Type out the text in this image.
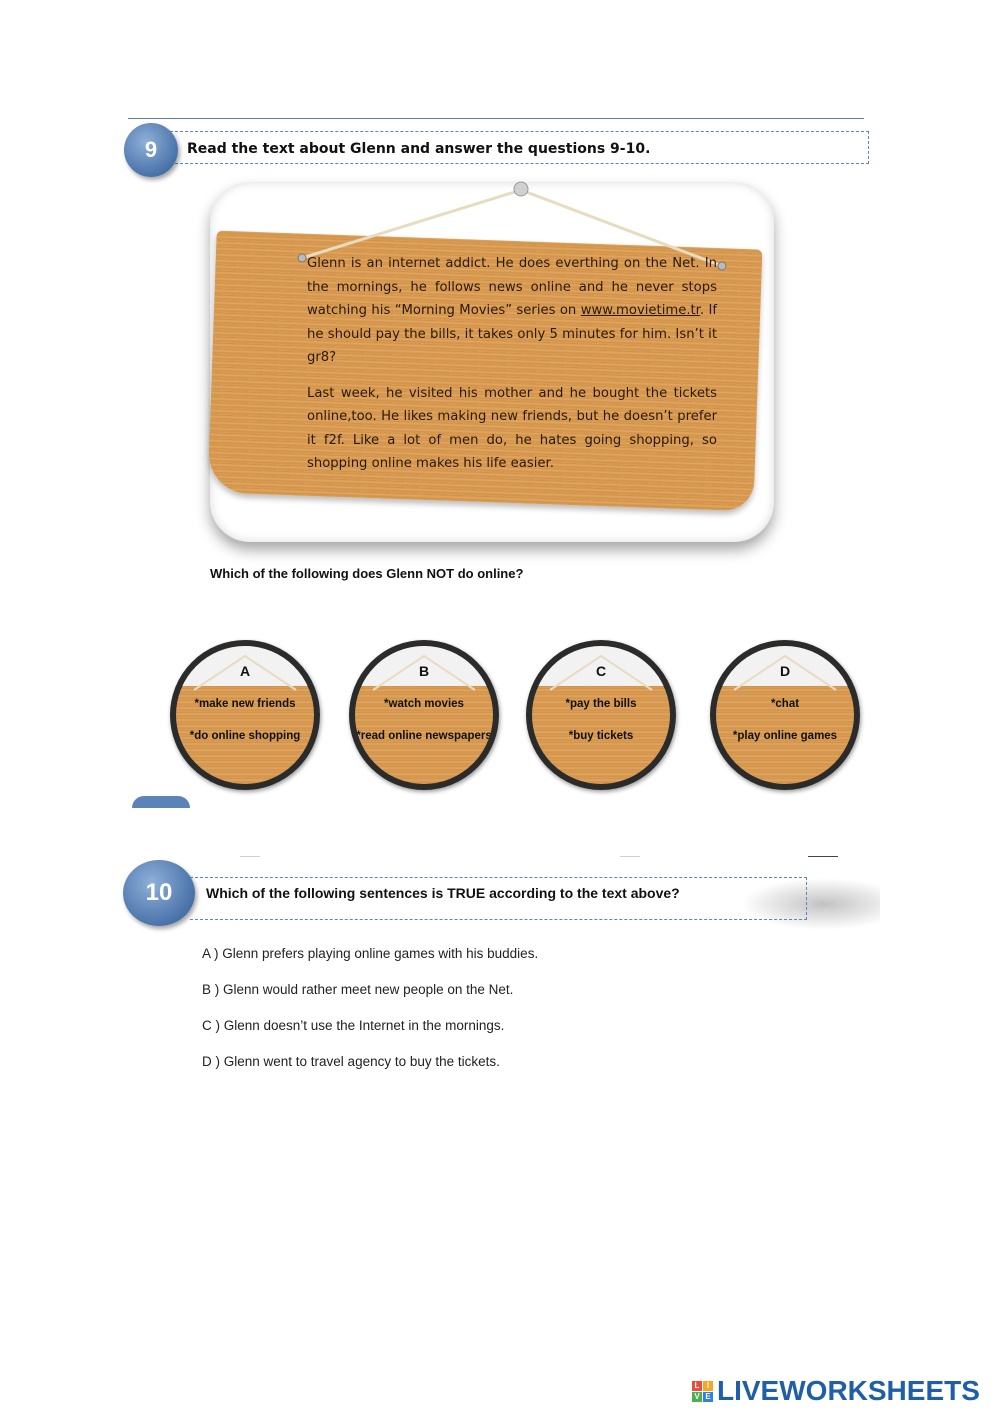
9	Read the text about Glenn and answer the questions 9-10.

Glenn is an internet addict. He does everthing on the Net. In the mornings, he follows news online and he never stops watching his “Morning Movies” series on www.movietime.tr. If he should pay the bills, it takes only 5 minutes for him. Isn’t it gr8?

Last week, he visited his mother and he bought the tickets online,too. He likes making new friends, but he doesn’t prefer it f2f. Like a lot of men do, he hates going shopping, so shopping online makes his life easier.

Which of the following does Glenn NOT do online?
A
*make new friends
*do online shopping
B
*watch movies
*read online newspapers
C
*pay the bills
*buy tickets
D
*chat
*play online games
10	Which of the following sentences is TRUE according to the text above?
A ) Glenn prefers playing online games with his buddies.
B ) Glenn would rather meet new people on the Net.
C ) Glenn doesn’t use the Internet in the mornings.
D ) Glenn went to travel agency to buy the tickets.
L I
V E LIVEWORKSHEETS
